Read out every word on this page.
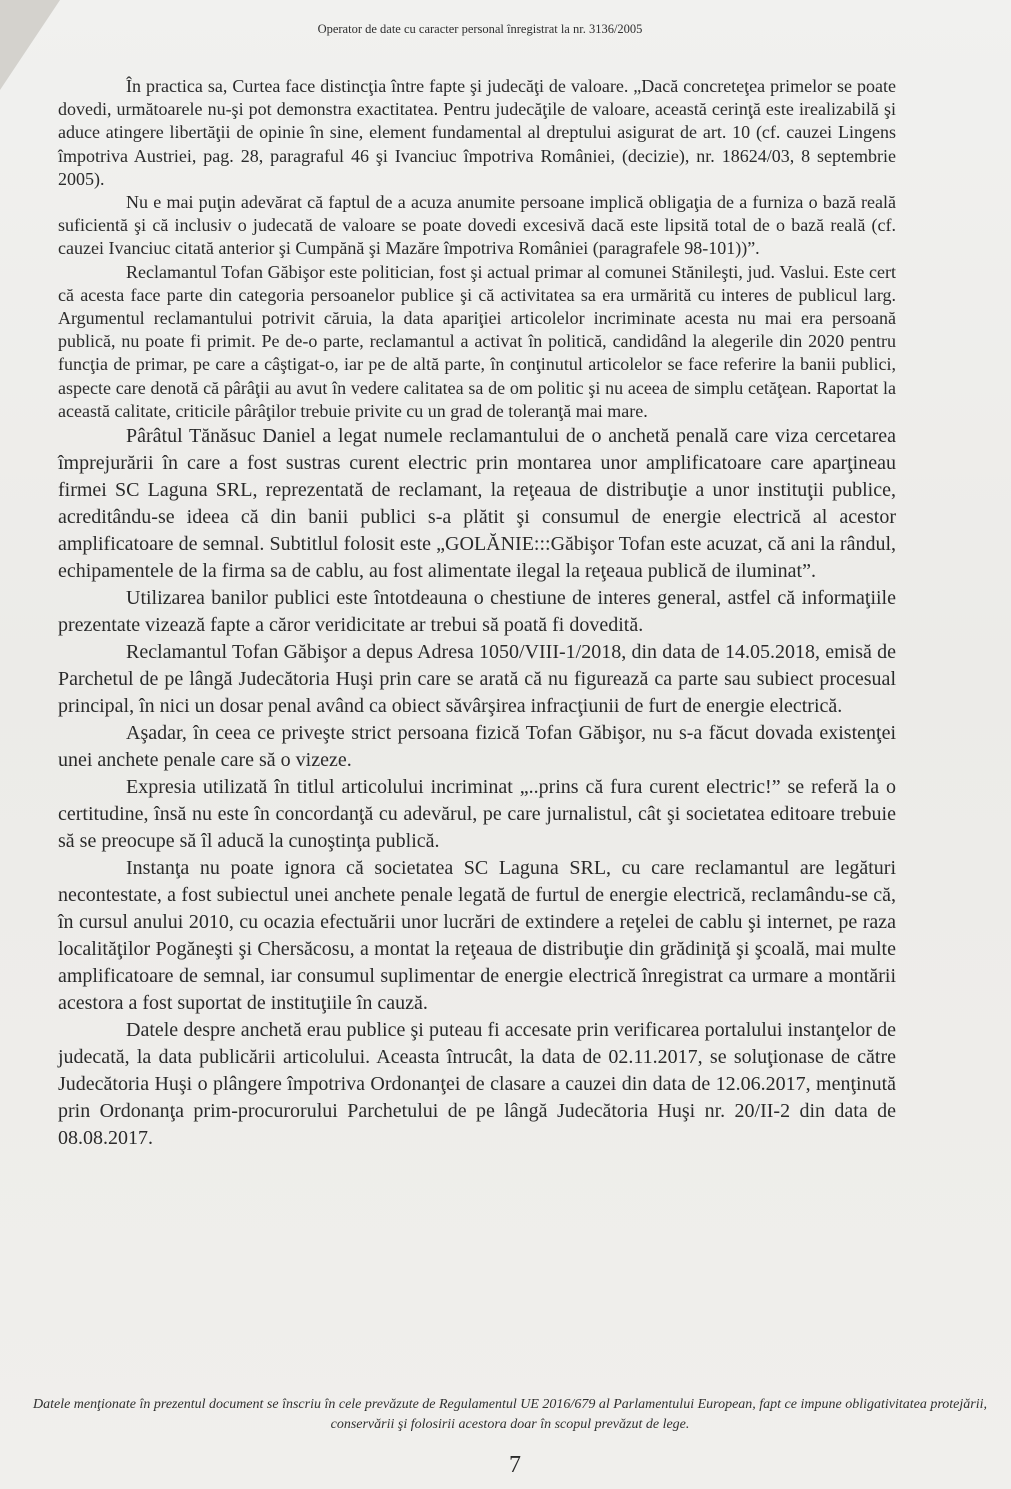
Operator de date cu caracter personal înregistrat la nr. 3136/2005

În practica sa, Curtea face distincţia între fapte şi judecăţi de valoare. „Dacă concreteţea primelor se poate dovedi, următoarele nu-şi pot demonstra exactitatea. Pentru judecăţile de valoare, această cerinţă este irealizabilă şi aduce atingere libertăţii de opinie în sine, element fundamental al dreptului asigurat de art. 10 (cf. cauzei Lingens împotriva Austriei, pag. 28, paragraful 46 şi Ivanciuc împotriva României, (decizie), nr. 18624/03, 8 septembrie 2005).

Nu e mai puţin adevărat că faptul de a acuza anumite persoane implică obligaţia de a furniza o bază reală suficientă şi că inclusiv o judecată de valoare se poate dovedi excesivă dacă este lipsită total de o bază reală (cf. cauzei Ivanciuc citată anterior şi Cumpănă şi Mazăre împotriva României (paragrafele 98-101))”.

Reclamantul Tofan Găbişor este politician, fost şi actual primar al comunei Stănileşti, jud. Vaslui. Este cert că acesta face parte din categoria persoanelor publice şi că activitatea sa era urmărită cu interes de publicul larg. Argumentul reclamantului potrivit căruia, la data apariţiei articolelor incriminate acesta nu mai era persoană publică, nu poate fi primit. Pe de-o parte, reclamantul a activat în politică, candidând la alegerile din 2020 pentru funcţia de primar, pe care a câştigat-o, iar pe de altă parte, în conţinutul articolelor se face referire la banii publici, aspecte care denotă că pârâţii au avut în vedere calitatea sa de om politic şi nu aceea de simplu cetăţean. Raportat la această calitate, criticile pârâţilor trebuie privite cu un grad de toleranţă mai mare.

Pârâtul Tănăsuc Daniel a legat numele reclamantului de o anchetă penală care viza cercetarea împrejurării în care a fost sustras curent electric prin montarea unor amplificatoare care aparţineau firmei SC Laguna SRL, reprezentată de reclamant, la reţeaua de distribuţie a unor instituţii publice, acreditându-se ideea că din banii publici s-a plătit şi consumul de energie electrică al acestor amplificatoare de semnal. Subtitlul folosit este „GOLĂNIE:::Găbişor Tofan este acuzat, că ani la rândul, echipamentele de la firma sa de cablu, au fost alimentate ilegal la reţeaua publică de iluminat”.

Utilizarea banilor publici este întotdeauna o chestiune de interes general, astfel că informaţiile prezentate vizează fapte a căror veridicitate ar trebui să poată fi dovedită.

Reclamantul Tofan Găbişor a depus Adresa 1050/VIII-1/2018, din data de 14.05.2018, emisă de Parchetul de pe lângă Judecătoria Huşi prin care se arată că nu figurează ca parte sau subiect procesual principal, în nici un dosar penal având ca obiect săvârşirea infracţiunii de furt de energie electrică.

Aşadar, în ceea ce priveşte strict persoana fizică Tofan Găbişor, nu s-a făcut dovada existenţei unei anchete penale care să o vizeze.

Expresia utilizată în titlul articolului incriminat „..prins că fura curent electric!” se referă la o certitudine, însă nu este în concordanţă cu adevărul, pe care jurnalistul, cât şi societatea editoare trebuie să se preocupe să îl aducă la cunoştinţa publică.

Instanţa nu poate ignora că societatea SC Laguna SRL, cu care reclamantul are legături necontestate, a fost subiectul unei anchete penale legată de furtul de energie electrică, reclamându-se că, în cursul anului 2010, cu ocazia efectuării unor lucrări de extindere a reţelei de cablu şi internet, pe raza localităţilor Pogăneşti şi Chersăcosu, a montat la reţeaua de distribuţie din grădiniţă şi şcoală, mai multe amplificatoare de semnal, iar consumul suplimentar de energie electrică înregistrat ca urmare a montării acestora a fost suportat de instituţiile în cauză.

Datele despre anchetă erau publice şi puteau fi accesate prin verificarea portalului instanţelor de judecată, la data publicării articolului. Aceasta întrucât, la data de 02.11.2017, se soluţionase de către Judecătoria Huşi o plângere împotriva Ordonanţei de clasare a cauzei din data de 12.06.2017, menţinută prin Ordonanţa prim-procurorului Parchetului de pe lângă Judecătoria Huşi nr. 20/II-2 din data de 08.08.2017.

Datele menţionate în prezentul document se înscriu în cele prevăzute de Regulamentul UE 2016/679 al Parlamentului European, fapt ce impune obligativitatea protejării, conservării şi folosirii acestora doar în scopul prevăzut de lege.
7
